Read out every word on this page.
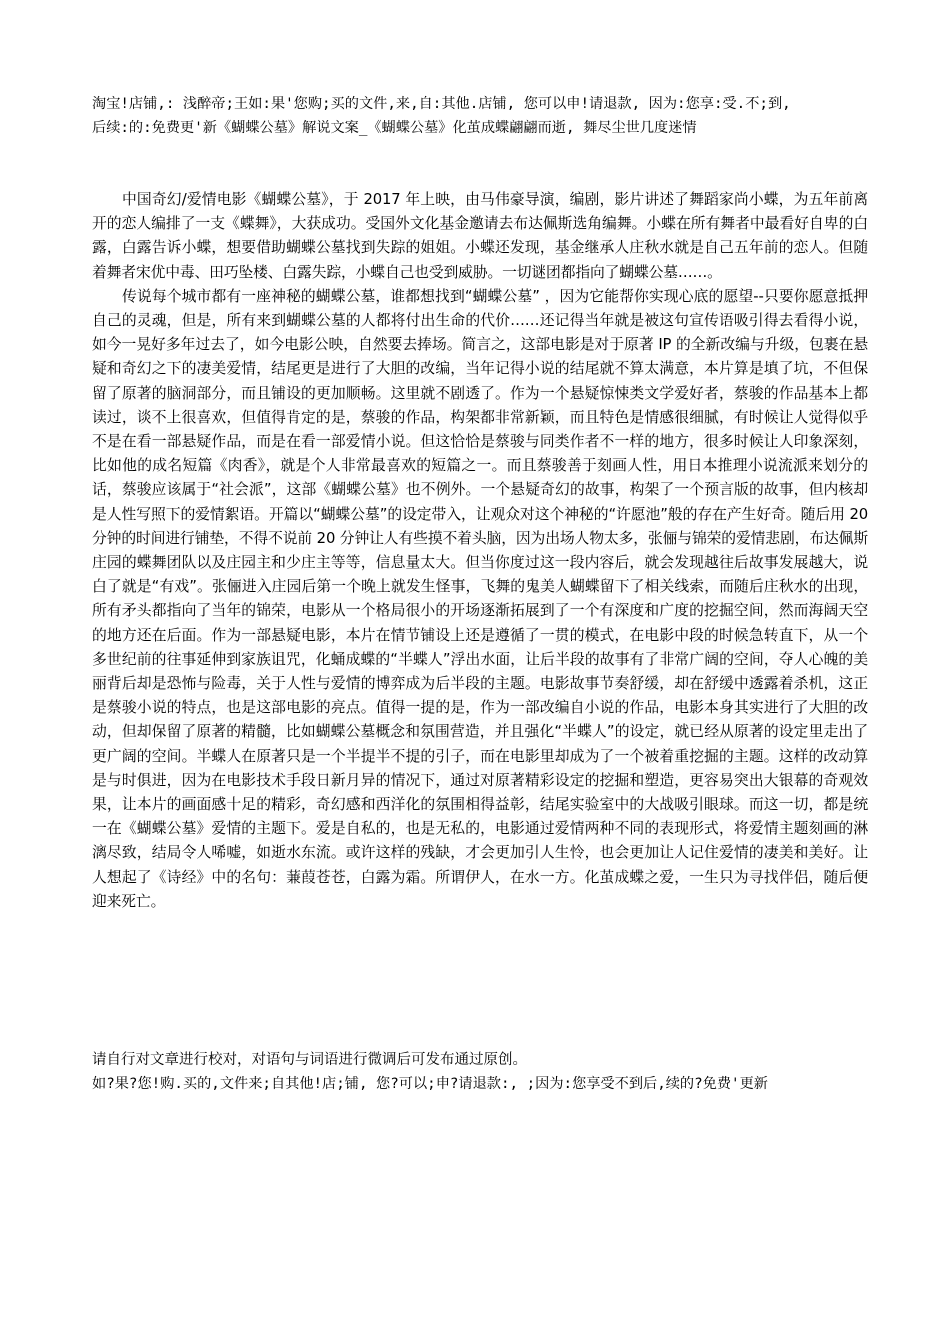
淘宝!店铺,: 浅醉帝;王如:果'您购;买的文件,来,自:其他.店铺, 您可以申!请退款, 因为:您享:受.不;到,
后续:的:免费更'新《蝴蝶公墓》解说文案_《蝴蝶公墓》化茧成蝶翩翩而逝, 舞尽尘世几度迷情

中国奇幻/爱情电影《蝴蝶公墓》，于 2017 年上映，由马伟豪导演，编剧，影片讲述了舞蹈家尚小蝶，为五年前离开的恋人编排了一支《蝶舞》，大获成功。受国外文化基金邀请去布达佩斯选角编舞。小蝶在所有舞者中最看好自卑的白露，白露告诉小蝶，想要借助蝴蝶公墓找到失踪的姐姐。小蝶还发现，基金继承人庄秋水就是自己五年前的恋人。但随着舞者宋优中毒、田巧坠楼、白露失踪，小蝶自己也受到威胁。一切谜团都指向了蝴蝶公墓……。

传说每个城市都有一座神秘的蝴蝶公墓，谁都想找到“蝴蝶公墓” ，因为它能帮你实现心底的愿望--只要你愿意抵押自己的灵魂，但是，所有来到蝴蝶公墓的人都将付出生命的代价……还记得当年就是被这句宣传语吸引得去看得小说，如今一晃好多年过去了，如今电影公映，自然要去捧场。简言之，这部电影是对于原著 IP 的全新改编与升级，包裹在悬疑和奇幻之下的凄美爱情，结尾更是进行了大胆的改编，当年记得小说的结尾就不算太满意，本片算是填了坑，不但保留了原著的脑洞部分，而且铺设的更加顺畅。这里就不剧透了。作为一个悬疑惊悚类文学爱好者，蔡骏的作品基本上都读过，谈不上很喜欢，但值得肯定的是，蔡骏的作品，构架都非常新颖，而且特色是情感很细腻，有时候让人觉得似乎不是在看一部悬疑作品，而是在看一部爱情小说。但这恰恰是蔡骏与同类作者不一样的地方，很多时候让人印象深刻，比如他的成名短篇《肉香》，就是个人非常最喜欢的短篇之一。而且蔡骏善于刻画人性，用日本推理小说流派来划分的话，蔡骏应该属于“社会派”，这部《蝴蝶公墓》也不例外。一个悬疑奇幻的故事，构架了一个预言版的故事，但内核却是人性写照下的爱情絮语。开篇以“蝴蝶公墓”的设定带入，让观众对这个神秘的“许愿池”般的存在产生好奇。随后用 20 分钟的时间进行铺垫，不得不说前 20 分钟让人有些摸不着头脑，因为出场人物太多，张俪与锦荣的爱情悲剧，布达佩斯庄园的蝶舞团队以及庄园主和少庄主等等，信息量太大。但当你度过这一段内容后，就会发现越往后故事发展越大，说白了就是“有戏”。张俪进入庄园后第一个晚上就发生怪事，飞舞的鬼美人蝴蝶留下了相关线索，而随后庄秋水的出现，所有矛头都指向了当年的锦荣，电影从一个格局很小的开场逐渐拓展到了一个有深度和广度的挖掘空间，然而海阔天空的地方还在后面。作为一部悬疑电影，本片在情节铺设上还是遵循了一贯的模式，在电影中段的时候急转直下，从一个多世纪前的往事延伸到家族诅咒，化蛹成蝶的“半蝶人”浮出水面，让后半段的故事有了非常广阔的空间，夺人心魄的美丽背后却是恐怖与险毒，关于人性与爱情的博弈成为后半段的主题。电影故事节奏舒缓，却在舒缓中透露着杀机，这正是蔡骏小说的特点，也是这部电影的亮点。值得一提的是，作为一部改编自小说的作品，电影本身其实进行了大胆的改动，但却保留了原著的精髓，比如蝴蝶公墓概念和氛围营造，并且强化“半蝶人”的设定，就已经从原著的设定里走出了更广阔的空间。半蝶人在原著只是一个半提半不提的引子，而在电影里却成为了一个被着重挖掘的主题。这样的改动算是与时俱进，因为在电影技术手段日新月异的情况下，通过对原著精彩设定的挖掘和塑造，更容易突出大银幕的奇观效果，让本片的画面感十足的精彩，奇幻感和西洋化的氛围相得益彰，结尾实验室中的大战吸引眼球。而这一切，都是统一在《蝴蝶公墓》爱情的主题下。爱是自私的，也是无私的，电影通过爱情两种不同的表现形式，将爱情主题刻画的淋漓尽致，结局令人唏嘘，如逝水东流。或许这样的残缺，才会更加引人生怜，也会更加让人记住爱情的凄美和美好。让人想起了《诗经》中的名句：蒹葭苍苍，白露为霜。所谓伊人，在水一方。化茧成蝶之爱，一生只为寻找伴侣，随后便迎来死亡。

请自行对文章进行校对，对语句与词语进行微调后可发布通过原创。
如?果?您!购.买的,文件来;自其他!店;铺, 您?可以;申?请退款:, ;因为:您享受不到后,续的?免费'更新
